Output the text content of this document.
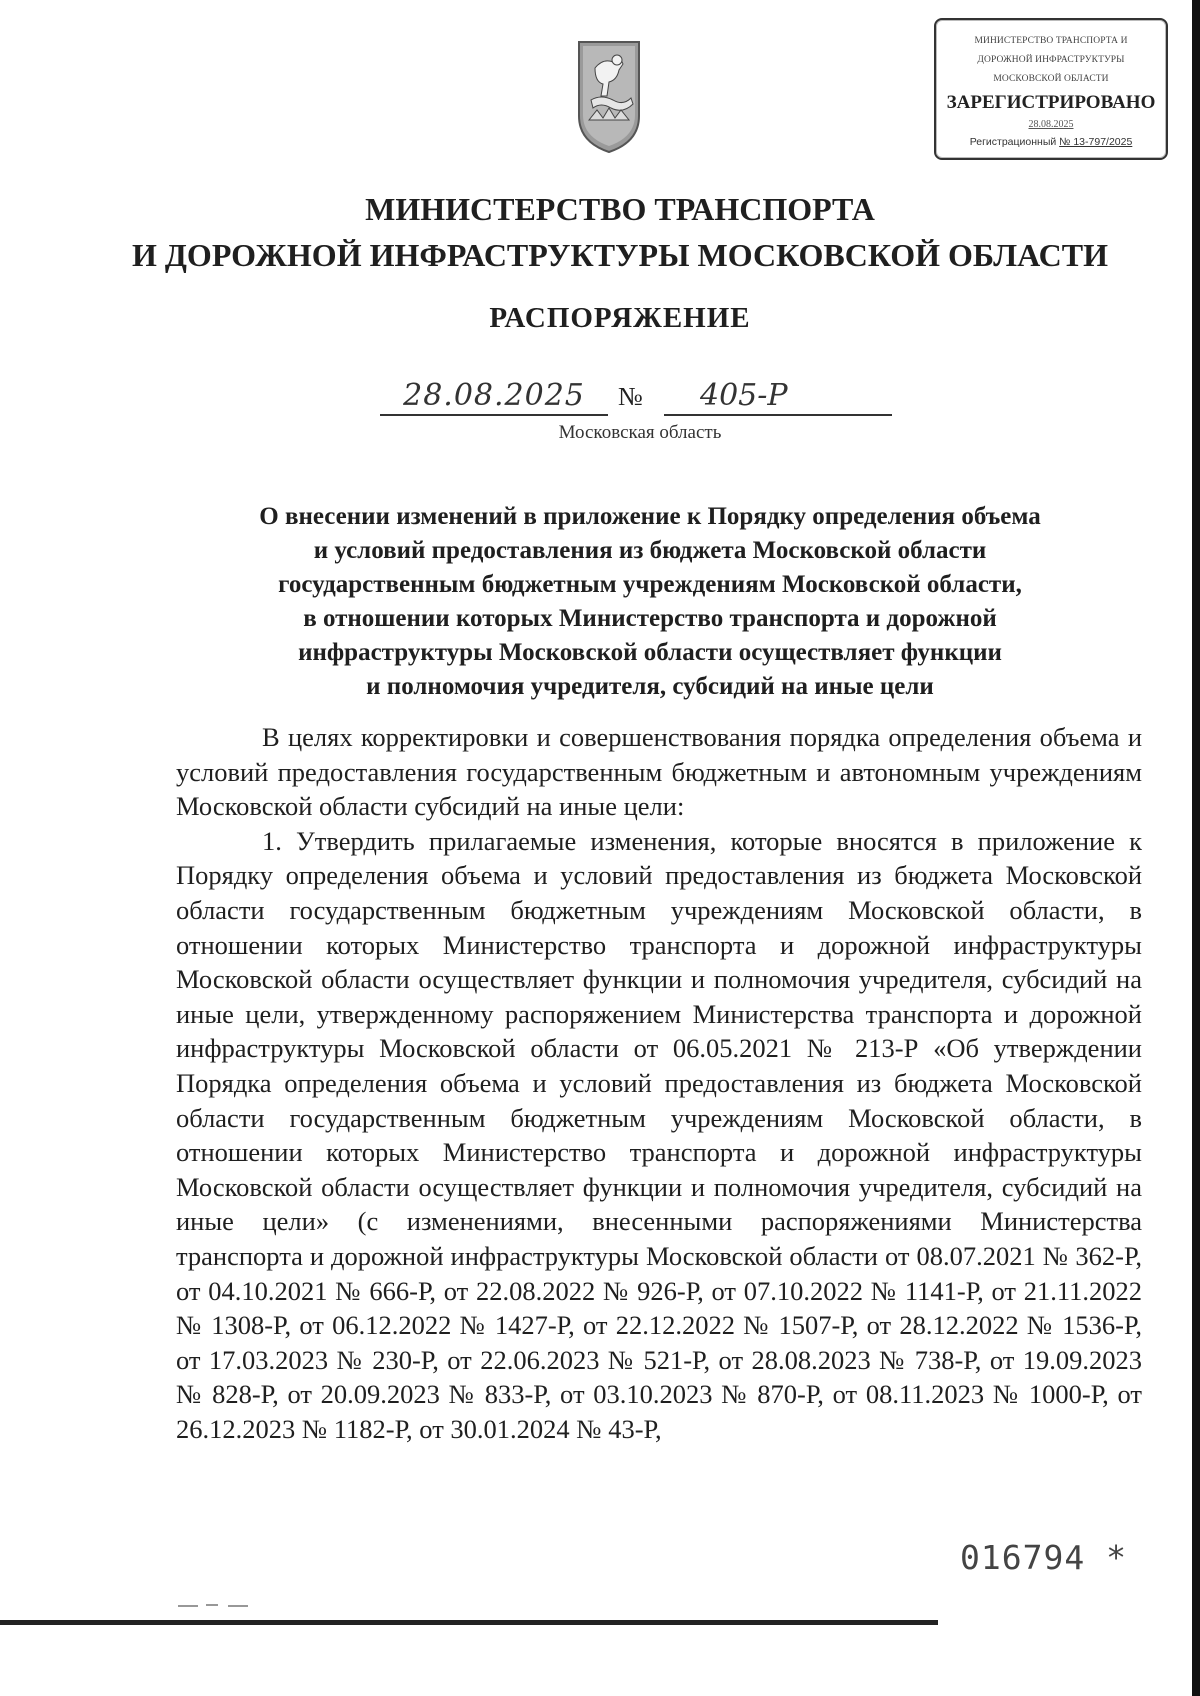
МИНИСТЕРСТВО ТРАНСПОРТА И
ДОРОЖНОЙ ИНФРАСТРУКТУРЫ
МОСКОВСКОЙ ОБЛАСТИ
ЗАРЕГИСТРИРОВАНО
28.08.2025
Регистрационный № 13-797/2025
МИНИСТЕРСТВО ТРАНСПОРТА
И ДОРОЖНОЙ ИНФРАСТРУКТУРЫ МОСКОВСКОЙ ОБЛАСТИ
РАСПОРЯЖЕНИЕ
28.08.2025	№	405-Р
Московская область
О внесении изменений в приложение к Порядку определения объема
и условий предоставления из бюджета Московской области
государственным бюджетным учреждениям Московской области,
в отношении которых Министерство транспорта и дорожной
инфраструктуры Московской области осуществляет функции
и полномочия учредителя, субсидий на иные цели

В целях корректировки и совершенствования порядка определения объема и условий предоставления государственным бюджетным и автономным учреждениям Московской области субсидий на иные цели:

1. Утвердить прилагаемые изменения, которые вносятся в приложение к Порядку определения объема и условий предоставления из бюджета Московской области государственным бюджетным учреждениям Московской области, в отношении которых Министерство транспорта и дорожной инфраструктуры Московской области осуществляет функции и полномочия учредителя, субсидий на иные цели, утвержденному распоряжением Министерства транспорта и дорожной инфраструктуры Московской области от 06.05.2021 № 213-Р «Об утверждении Порядка определения объема и условий предоставления из бюджета Московской области государственным бюджетным учреждениям Московской области, в отношении которых Министерство транспорта и дорожной инфраструктуры Московской области осуществляет функции и полномочия учредителя, субсидий на иные цели» (с изменениями, внесенными распоряжениями Министерства транспорта и дорожной инфраструктуры Московской области от 08.07.2021 № 362-Р, от 04.10.2021 № 666-Р, от 22.08.2022 № 926-Р, от 07.10.2022 № 1141-Р, от 21.11.2022 № 1308-Р, от 06.12.2022 № 1427-Р, от 22.12.2022 № 1507-Р, от 28.12.2022 № 1536-Р, от 17.03.2023 № 230-Р, от 22.06.2023 № 521-Р, от 28.08.2023 № 738-Р, от 19.09.2023 № 828-Р, от 20.09.2023 № 833-Р, от 03.10.2023 № 870-Р, от 08.11.2023 № 1000-Р, от 26.12.2023 № 1182-Р, от 30.01.2024 № 43-Р,

016794 *
